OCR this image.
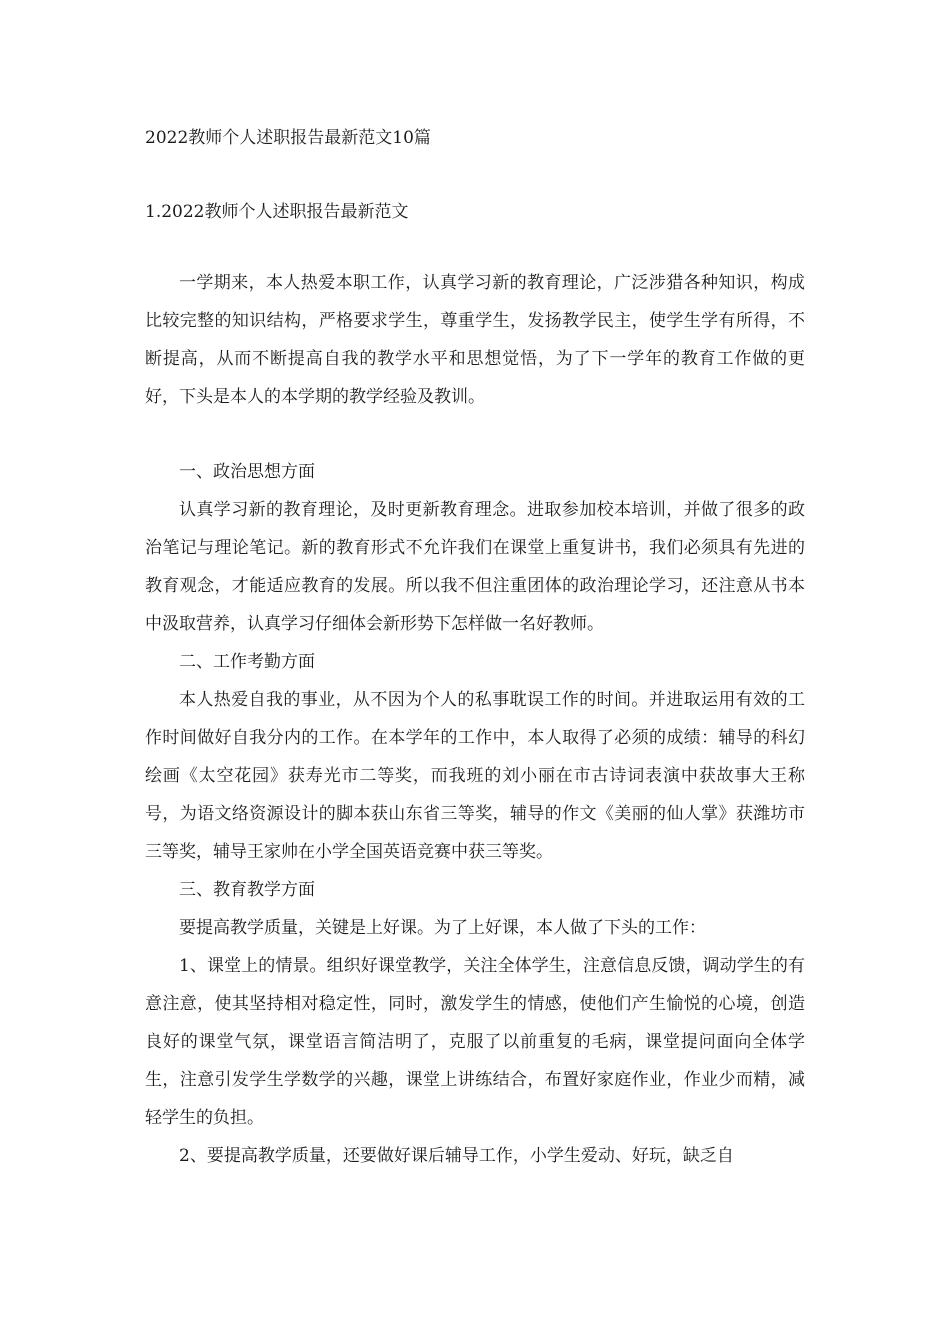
2022教师个人述职报告最新范文10篇
1.2022教师个人述职报告最新范文

一学期来，本人热爱本职工作，认真学习新的教育理论，广泛涉猎各种知识，构成比较完整的知识结构，严格要求学生，尊重学生，发扬教学民主，使学生学有所得，不断提高，从而不断提高自我的教学水平和思想觉悟，为了下一学年的教育工作做的更好，下头是本人的本学期的教学经验及教训。

一、政治思想方面

认真学习新的教育理论，及时更新教育理念。进取参加校本培训，并做了很多的政治笔记与理论笔记。新的教育形式不允许我们在课堂上重复讲书，我们必须具有先进的教育观念，才能适应教育的发展。所以我不但注重团体的政治理论学习，还注意从书本中汲取营养，认真学习仔细体会新形势下怎样做一名好教师。

二、工作考勤方面

本人热爱自我的事业，从不因为个人的私事耽误工作的时间。并进取运用有效的工作时间做好自我分内的工作。在本学年的工作中，本人取得了必须的成绩：辅导的科幻绘画《太空花园》获寿光市二等奖，而我班的刘小丽在市古诗词表演中获故事大王称号，为语文络资源设计的脚本获山东省三等奖，辅导的作文《美丽的仙人掌》获潍坊市三等奖，辅导王家帅在小学全国英语竞赛中获三等奖。

三、教育教学方面

要提高教学质量，关键是上好课。为了上好课，本人做了下头的工作：

1、课堂上的情景。组织好课堂教学，关注全体学生，注意信息反馈，调动学生的有意注意，使其坚持相对稳定性，同时，激发学生的情感，使他们产生愉悦的心境，创造良好的课堂气氛，课堂语言简洁明了，克服了以前重复的毛病，课堂提问面向全体学生，注意引发学生学数学的兴趣，课堂上讲练结合，布置好家庭作业，作业少而精，减轻学生的负担。

2、要提高教学质量，还要做好课后辅导工作，小学生爱动、好玩，缺乏自
